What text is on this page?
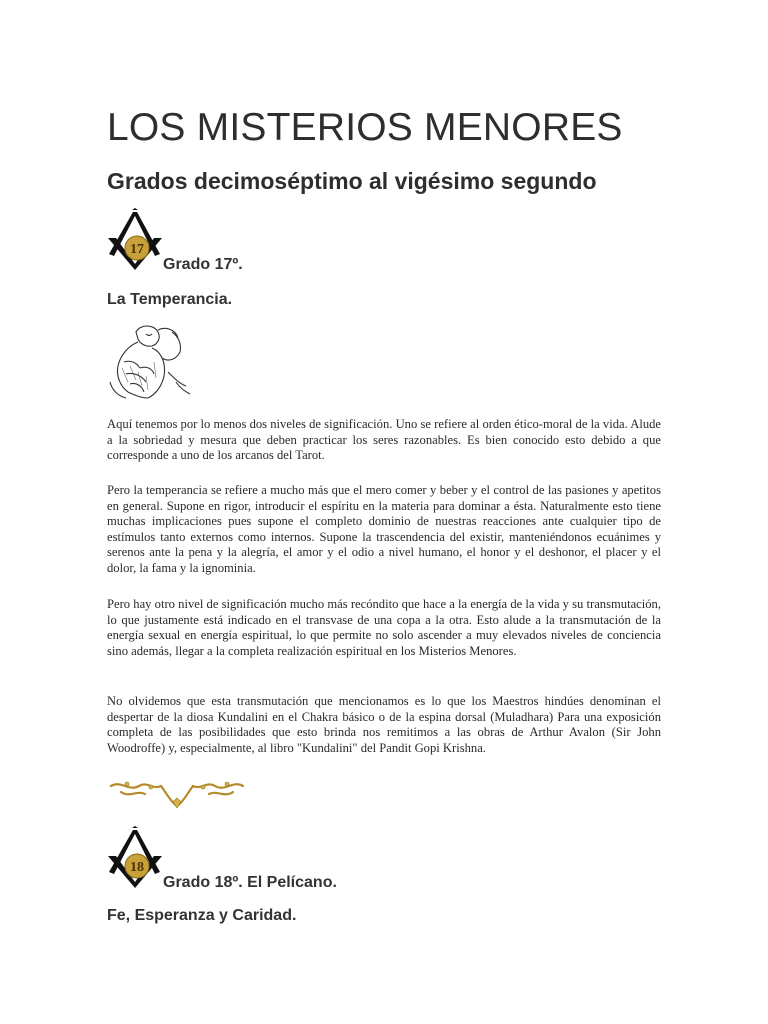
LOS MISTERIOS MENORES
Grados decimoséptimo al vigésimo segundo
17
Grado 17º.
La Temperancia.

Aquí tenemos por lo menos dos niveles de significación. Uno se refiere al orden ético-moral de la vida. Alude a la sobriedad y mesura que deben practicar los seres razonables. Es bien conocido esto debido a que corresponde a uno de los arcanos del Tarot.

Pero la temperancia se refiere a mucho más que el mero comer y beber y el control de las pasiones y apetitos en general. Supone en rigor, introducir el espíritu en la materia para dominar a ésta. Naturalmente esto tiene muchas implicaciones pues supone el completo dominio de nuestras reacciones ante cualquier tipo de estímulos tanto externos como internos. Supone la trascendencia del existir, manteniéndonos ecuánimes y serenos ante la pena y la alegría, el amor y el odio a nivel humano, el honor y el deshonor, el placer y el dolor, la fama y la ignominia.

Pero hay otro nivel de significación mucho más recóndito que hace a la energía de la vida y su transmutación, lo que justamente está indicado en el transvase de una copa a la otra. Esto alude a la transmutación de la energía sexual en energía espiritual, lo que permite no solo ascender a muy elevados niveles de conciencia sino además, llegar a la completa realización espiritual en los Misterios Menores.

No olvidemos que esta transmutación que mencionamos es lo que los Maestros hindúes denominan el despertar de la diosa Kundalini en el Chakra básico o de la espina dorsal (Muladhara) Para una exposición completa de las posibilidades que esto brinda nos remitimos a las obras de Arthur Avalon (Sir John Woodroffe) y, especialmente, al libro "Kundalini" del Pandit Gopi Krishna.

18
Grado 18º. El Pelícano.
Fe, Esperanza y Caridad.
